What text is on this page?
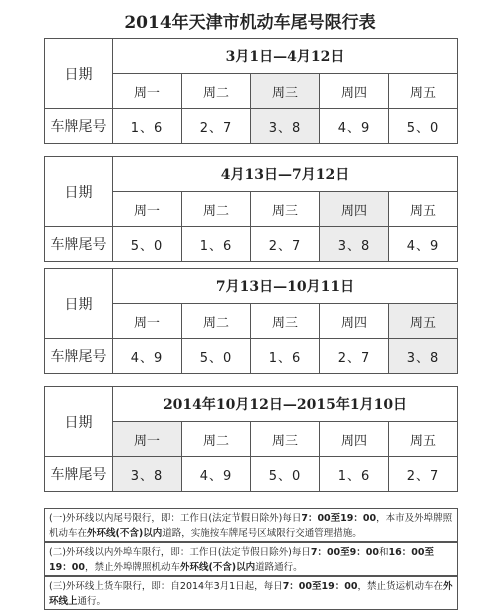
2014年天津市机动车尾号限行表
日期	3月1日—4月12日				
	周一	周二	周三	周四	周五
车牌尾号	1、6	2、7	3、8	4、9	5、0
日期	4月13日—7月12日				
	周一	周二	周三	周四	周五
车牌尾号	5、0	1、6	2、7	3、8	4、9
日期	7月13日—10月11日				
	周一	周二	周三	周四	周五
车牌尾号	4、9	5、0	1、6	2、7	3、8
日期	2014年10月12日—2015年1月10日				
	周一	周二	周三	周四	周五
车牌尾号	3、8	4、9	5、0	1、6	2、7
(一)外环线以内尾号限行，即：工作日(法定节假日除外)每日7：00至19：00，本市及外埠牌照机动车在外环线(不含)以内道路，实施按车牌尾号区域限行交通管理措施。
(二)外环线以内外埠车限行，即：工作日(法定节假日除外)每日7：00至9：00和16：00至19：00，禁止外埠牌照机动车外环线(不含)以内道路通行。
(三)外环线上货车限行，即：自2014年3月1日起，每日7：00至19：00，禁止货运机动车在外环线上通行。
